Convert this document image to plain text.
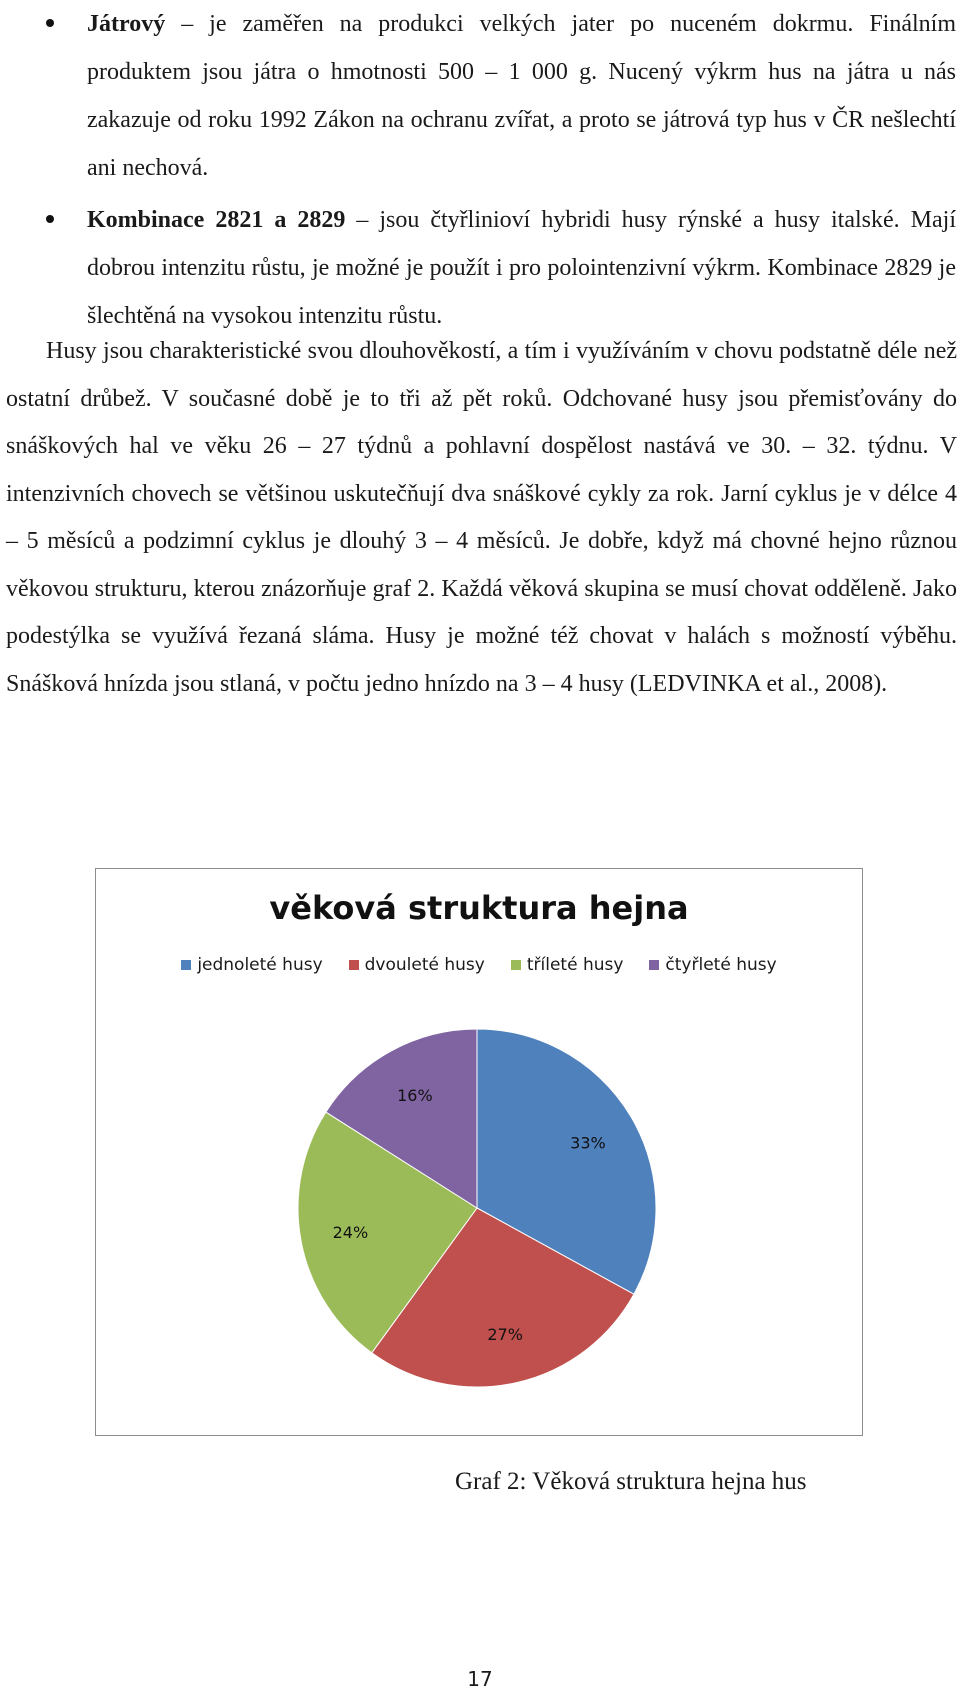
Játrový – je zaměřen na produkci velkých jater po nuceném dokrmu. Finálním produktem jsou játra o hmotnosti 500 – 1 000 g. Nucený výkrm hus na játra u nás zakazuje od roku 1992 Zákon na ochranu zvířat, a proto se játrová typ hus v ČR nešlechtí ani nechová.
Kombinace 2821 a 2829 – jsou čtyřlinioví hybridi husy rýnské a husy italské. Mají dobrou intenzitu růstu, je možné je použít i pro polointenzivní výkrm. Kombinace 2829 je šlechtěná na vysokou intenzitu růstu.
Husy jsou charakteristické svou dlouhověkostí, a tím i využíváním v chovu podstatně déle než ostatní drůbež. V současné době je to tři až pět roků. Odchované husy jsou přemisťovány do snáškových hal ve věku 26 – 27 týdnů a pohlavní dospělost nastává ve 30. – 32. týdnu. V intenzivních chovech se většinou uskutečňují dva snáškové cykly za rok. Jarní cyklus je v délce 4 – 5 měsíců a podzimní cyklus je dlouhý 3 – 4 měsíců. Je dobře, když má chovné hejno různou věkovou strukturu, kterou znázorňuje graf 2. Každá věková skupina se musí chovat odděleně. Jako podestýlka se využívá řezaná sláma. Husy je možné též chovat v halách s možností výběhu. Snášková hnízda jsou stlaná, v počtu jedno hnízdo na 3 – 4 husy (LEDVINKA et al., 2008).
věková struktura hejna
jednoleté husy dvouleté husy tříleté husy čtyřleté husy
33%
27%
24%
16%
Graf 2: Věková struktura hejna hus
17
